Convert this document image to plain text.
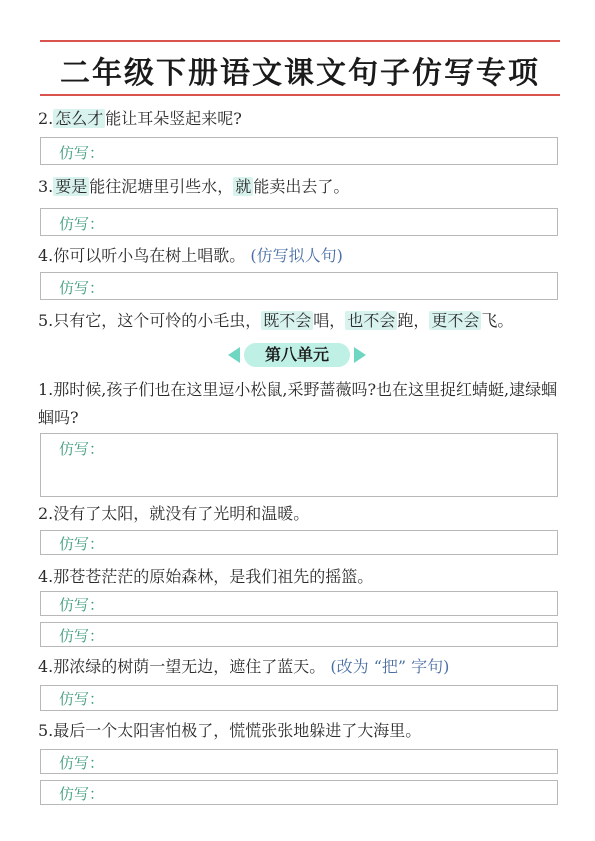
二年级下册语文课文句子仿写专项
2. 怎么才 能让耳朵竖起来呢?
仿写：
3. 要是 能往泥塘里引些水， 就 能卖出去了。
仿写：
4.你可以听小鸟在树上唱歌。 (仿写拟人句)
仿写：
5.只有它，这个可怜的小毛虫， 既不会 唱， 也不会 跑， 更不会 飞。
第八单元
1.那时候,孩子们也在这里逗小松鼠,采野蔷薇吗?也在这里捉红蜻蜓,逮绿蝈蝈吗?
仿写：
2.没有了太阳，就没有了光明和温暖。
仿写：
4.那苍苍茫茫的原始森林，是我们祖先的摇篮。
仿写：
仿写：
4.那浓绿的树荫一望无边，遮住了蓝天。 (改为 “把” 字句)
仿写：
5.最后一个太阳害怕极了，慌慌张张地躲进了大海里。
仿写：
仿写：
